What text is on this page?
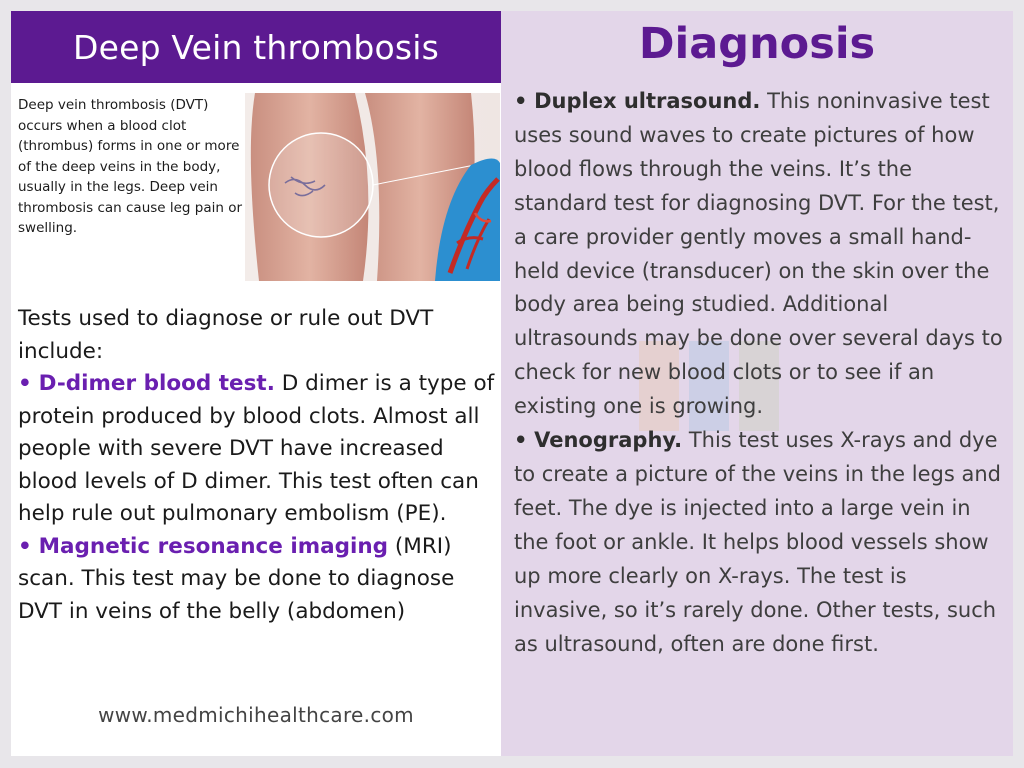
Deep Vein thrombosis
Deep vein thrombosis (DVT) occurs when a blood clot (thrombus) forms in one or more of the deep veins in the body, usually in the legs. Deep vein thrombosis can cause leg pain or swelling.

Tests used to diagnose or rule out DVT include:

• D-dimer blood test. D dimer is a type of protein produced by blood clots. Almost all people with severe DVT have increased blood levels of D dimer. This test often can help rule out pulmonary embolism (PE).

• Magnetic resonance imaging (MRI) scan. This test may be done to diagnose DVT in veins of the belly (abdomen)

www.medmichihealthcare.com
Diagnosis

• Duplex ultrasound. This noninvasive test uses sound waves to create pictures of how blood flows through the veins. It’s the standard test for diagnosing DVT. For the test, a care provider gently moves a small hand-held device (transducer) on the skin over the body area being studied. Additional ultrasounds may be done over several days to check for new blood clots or to see if an existing one is growing.

• Venography. This test uses X-rays and dye to create a picture of the veins in the legs and feet. The dye is injected into a large vein in the foot or ankle. It helps blood vessels show up more clearly on X-rays. The test is invasive, so it’s rarely done. Other tests, such as ultrasound, often are done first.
